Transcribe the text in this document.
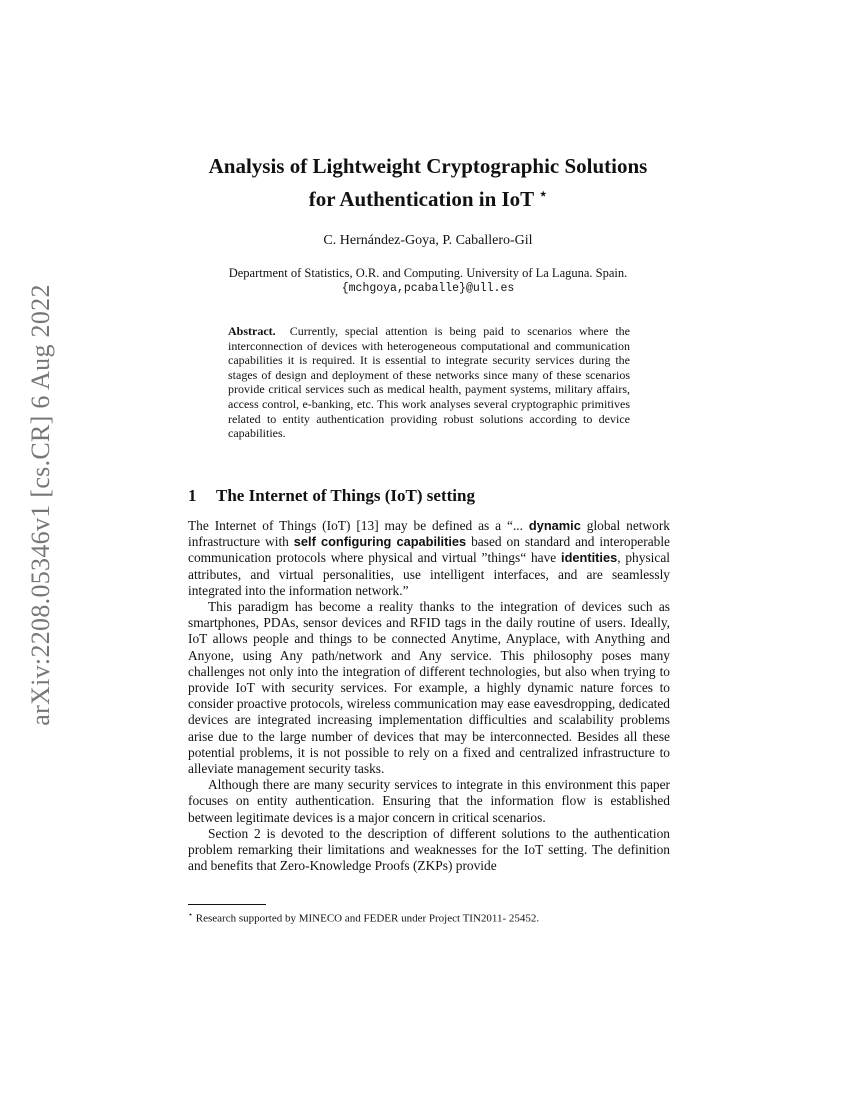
arXiv:2208.05346v1 [cs.CR] 6 Aug 2022
Analysis of Lightweight Cryptographic Solutions
for Authentication in IoT ⋆
C. Hernández-Goya, P. Caballero-Gil
Department of Statistics, O.R. and Computing. University of La Laguna. Spain.
{mchgoya,pcaballe}@ull.es
Abstract. Currently, special attention is being paid to scenarios where the interconnection of devices with heterogeneous computational and communication capabilities it is required. It is essential to integrate security services during the stages of design and deployment of these networks since many of these scenarios provide critical services such as medical health, payment systems, military affairs, access control, e-banking, etc. This work analyses several cryptographic primitives related to entity authentication providing robust solutions according to device capabilities.
1 The Internet of Things (IoT) setting

The Internet of Things (IoT) [13] may be defined as a “... dynamic global network infrastructure with self configuring capabilities based on standard and interoperable communication protocols where physical and virtual ”things“ have identities, physical attributes, and virtual personalities, use intelligent interfaces, and are seamlessly integrated into the information network.”

This paradigm has become a reality thanks to the integration of devices such as smartphones, PDAs, sensor devices and RFID tags in the daily routine of users. Ideally, IoT allows people and things to be connected Anytime, Anyplace, with Anything and Anyone, using Any path/network and Any service. This philosophy poses many challenges not only into the integration of different technologies, but also when trying to provide IoT with security services. For example, a highly dynamic nature forces to consider proactive protocols, wireless communication may ease eavesdropping, dedicated devices are integrated increasing implementation difficulties and scalability problems arise due to the large number of devices that may be interconnected. Besides all these potential problems, it is not possible to rely on a fixed and centralized infrastructure to alleviate management security tasks.

Although there are many security services to integrate in this environment this paper focuses on entity authentication. Ensuring that the information flow is established between legitimate devices is a major concern in critical scenarios.

Section 2 is devoted to the description of different solutions to the authentication problem remarking their limitations and weaknesses for the IoT setting. The definition and benefits that Zero-Knowledge Proofs (ZKPs) provide

⋆ Research supported by MINECO and FEDER under Project TIN2011- 25452.
